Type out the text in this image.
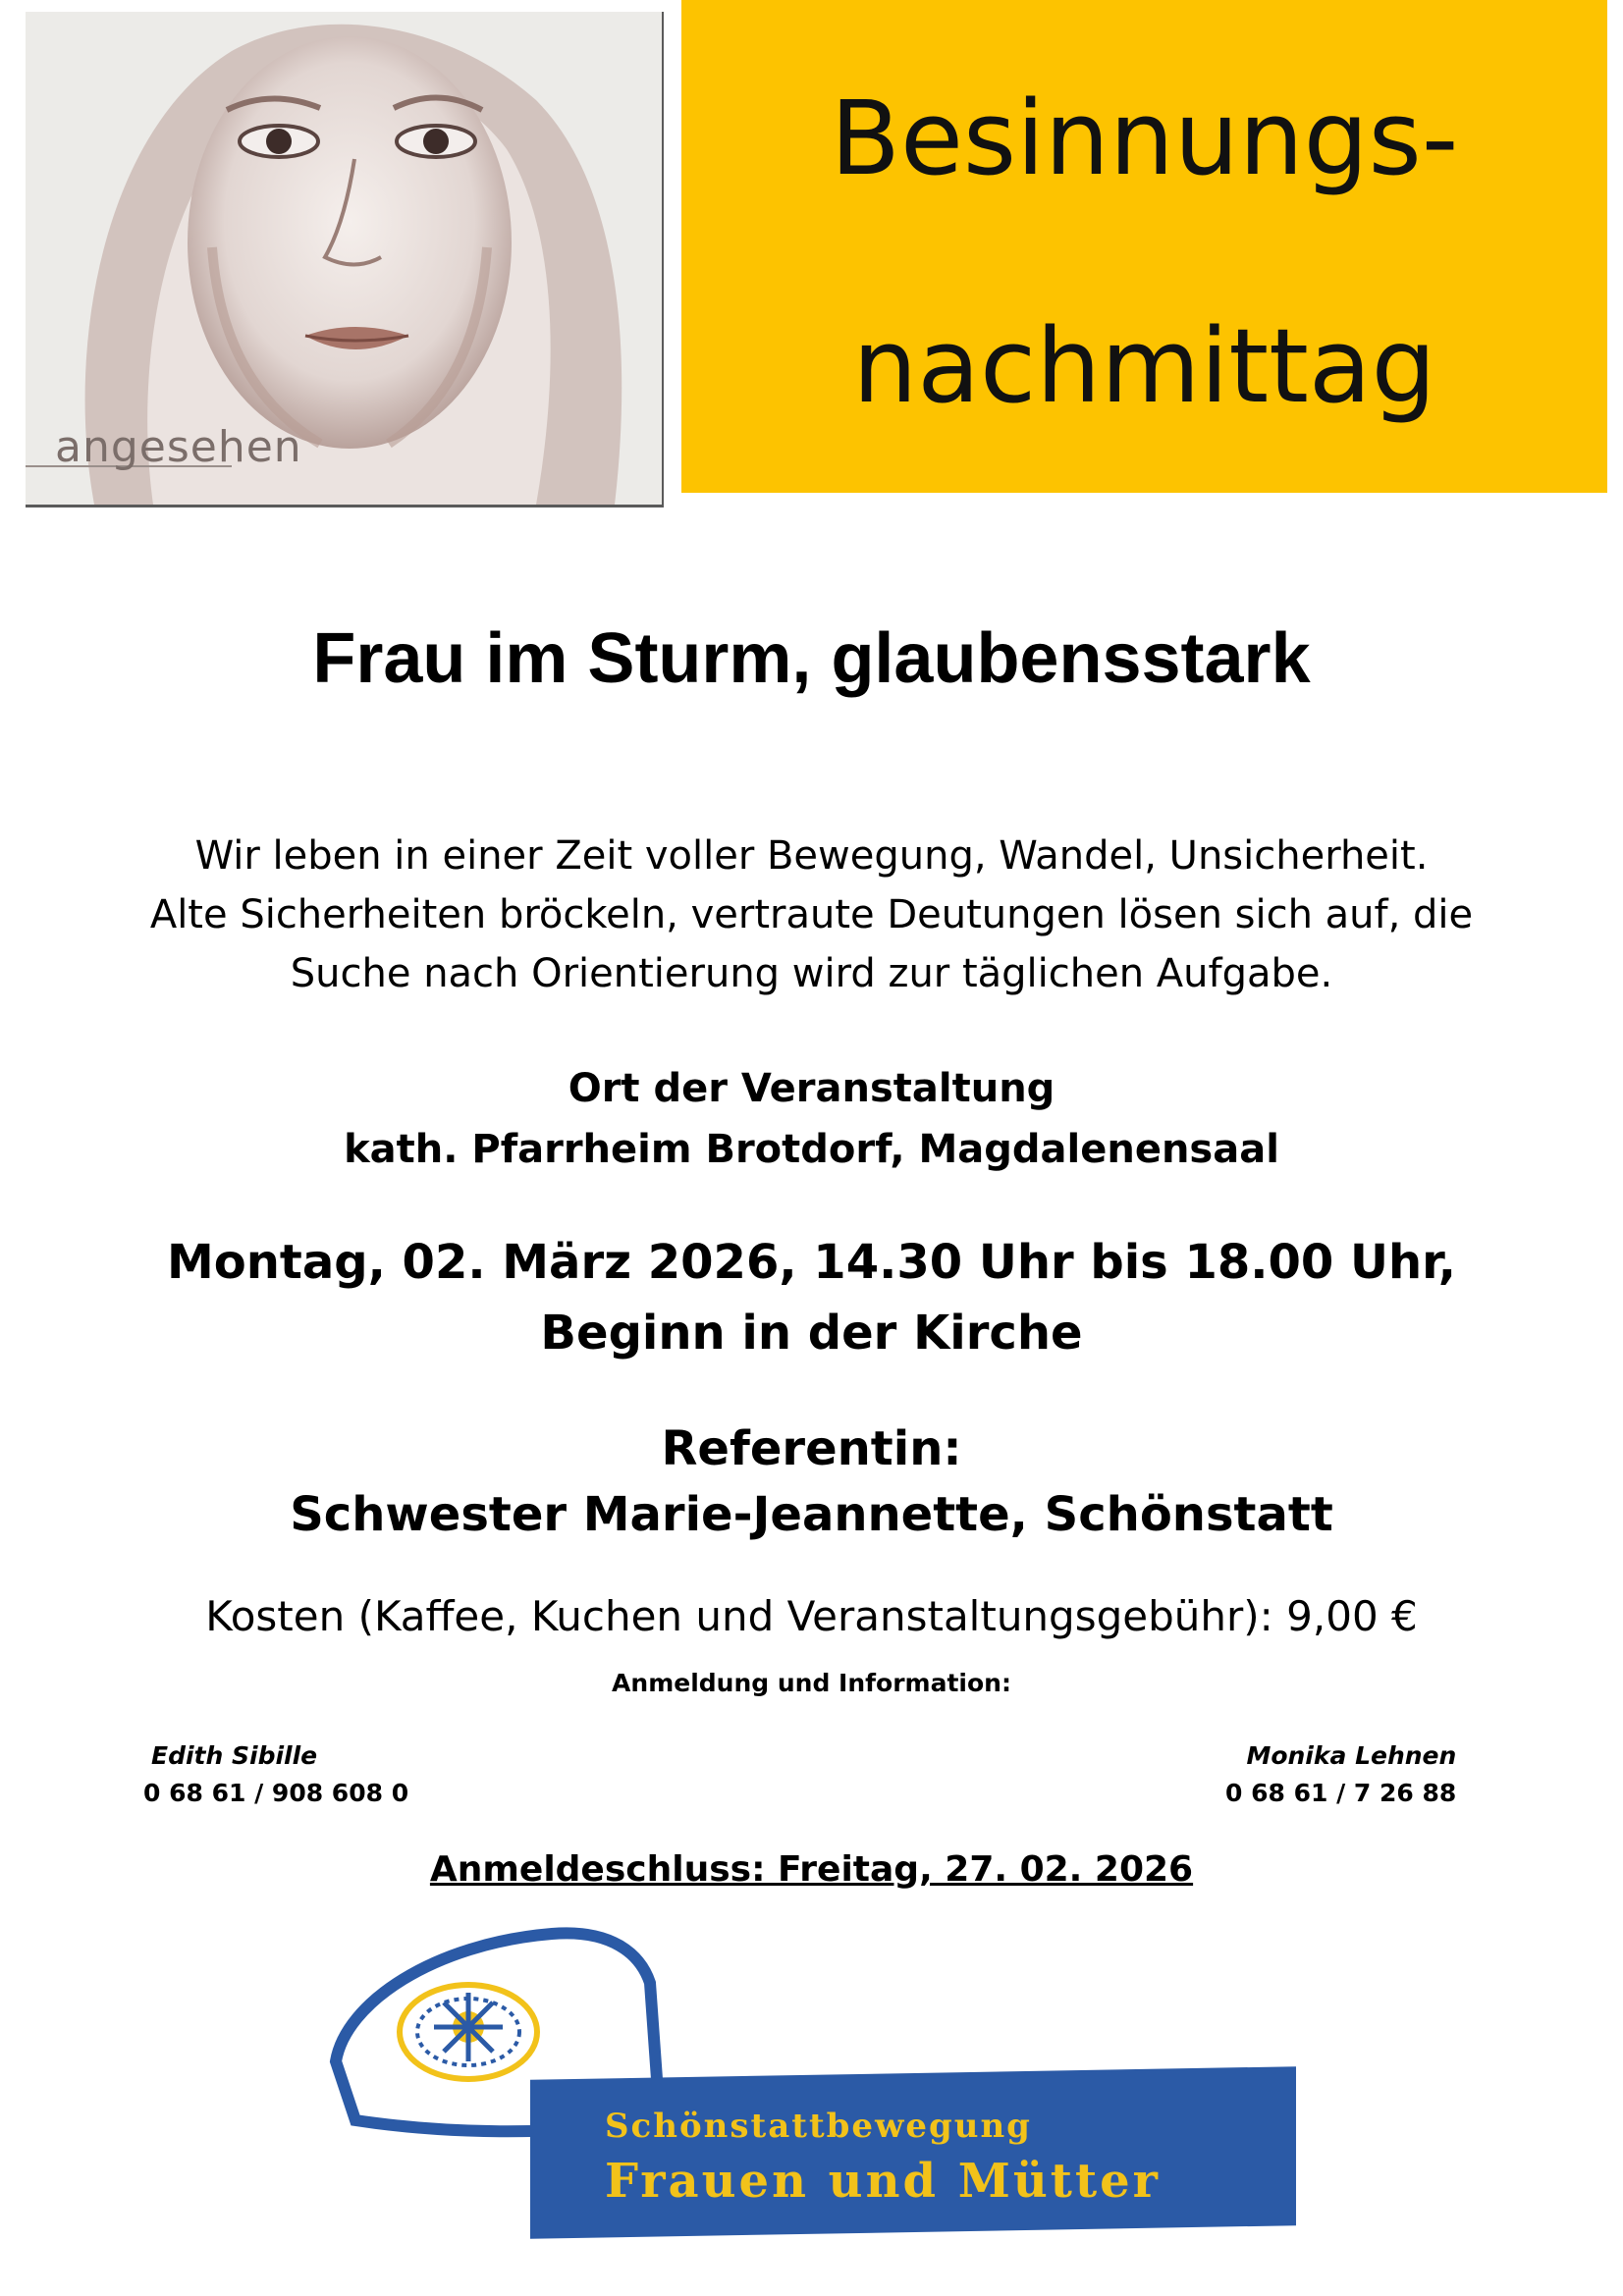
angesehen
Besinnungs-
nachmittag
Frau im Sturm, glaubensstark
Wir leben in einer Zeit voller Bewegung, Wandel, Unsicherheit.
Alte Sicherheiten bröckeln, vertraute Deutungen lösen sich auf, die
Suche nach Orientierung wird zur täglichen Aufgabe.
Ort der Veranstaltung
kath. Pfarrheim Brotdorf, Magdalenensaal
Montag, 02. März 2026, 14.30 Uhr bis 18.00 Uhr,
Beginn in der Kirche
Referentin:
Schwester Marie-Jeannette, Schönstatt
Kosten (Kaffee, Kuchen und Veranstaltungsgebühr): 9,00 €
Anmeldung und Information:
Edith Sibille
0 68 61 / 908 608 0
Monika Lehnen
0 68 61 / 7 26 88
Anmeldeschluss: Freitag, 27. 02. 2026
Schönstattbewegung
Frauen und Mütter
